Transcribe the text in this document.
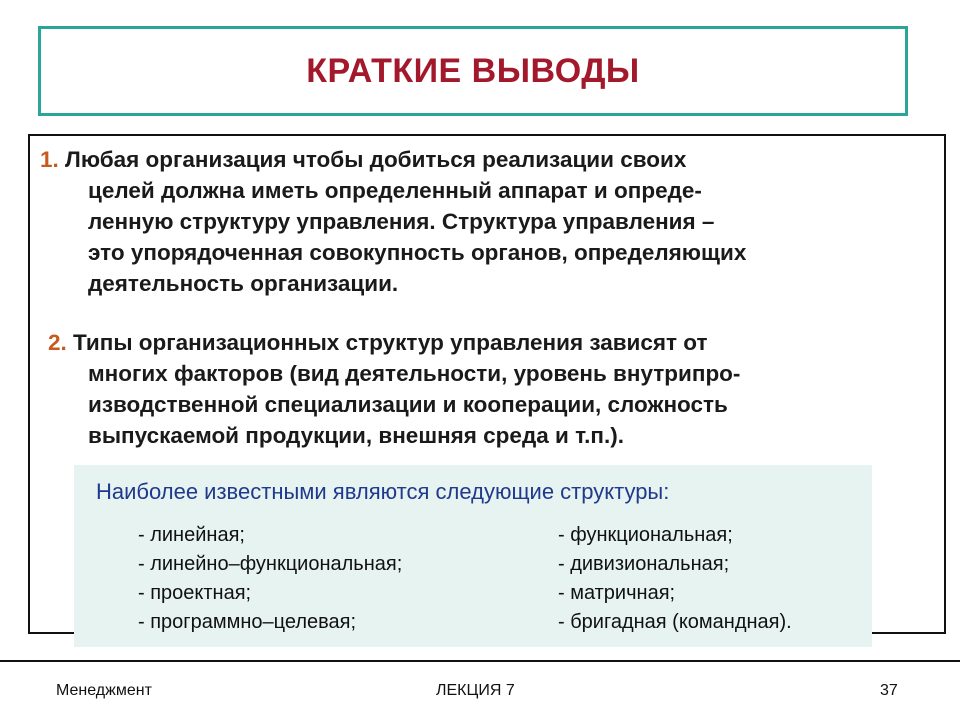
КРАТКИЕ ВЫВОДЫ
1. Любая организация чтобы добиться реализации своих
целей должна иметь определенный аппарат и опреде-
ленную структуру управления. Структура управления –
это упорядоченная совокупность органов, определяющих
деятельность организации.
2. Типы организационных структур управления зависят от
многих факторов (вид деятельности, уровень внутрипро-
изводственной специализации и кооперации, сложность
выпускаемой продукции, внешняя среда и т.п.).
Наиболее известными являются следующие структуры:
- линейная;
- линейно–функциональная;
- проектная;
- программно–целевая;
- функциональная;
- дивизиональная;
- матричная;
- бригадная (командная).
Менеджмент	ЛЕКЦИЯ 7	37
